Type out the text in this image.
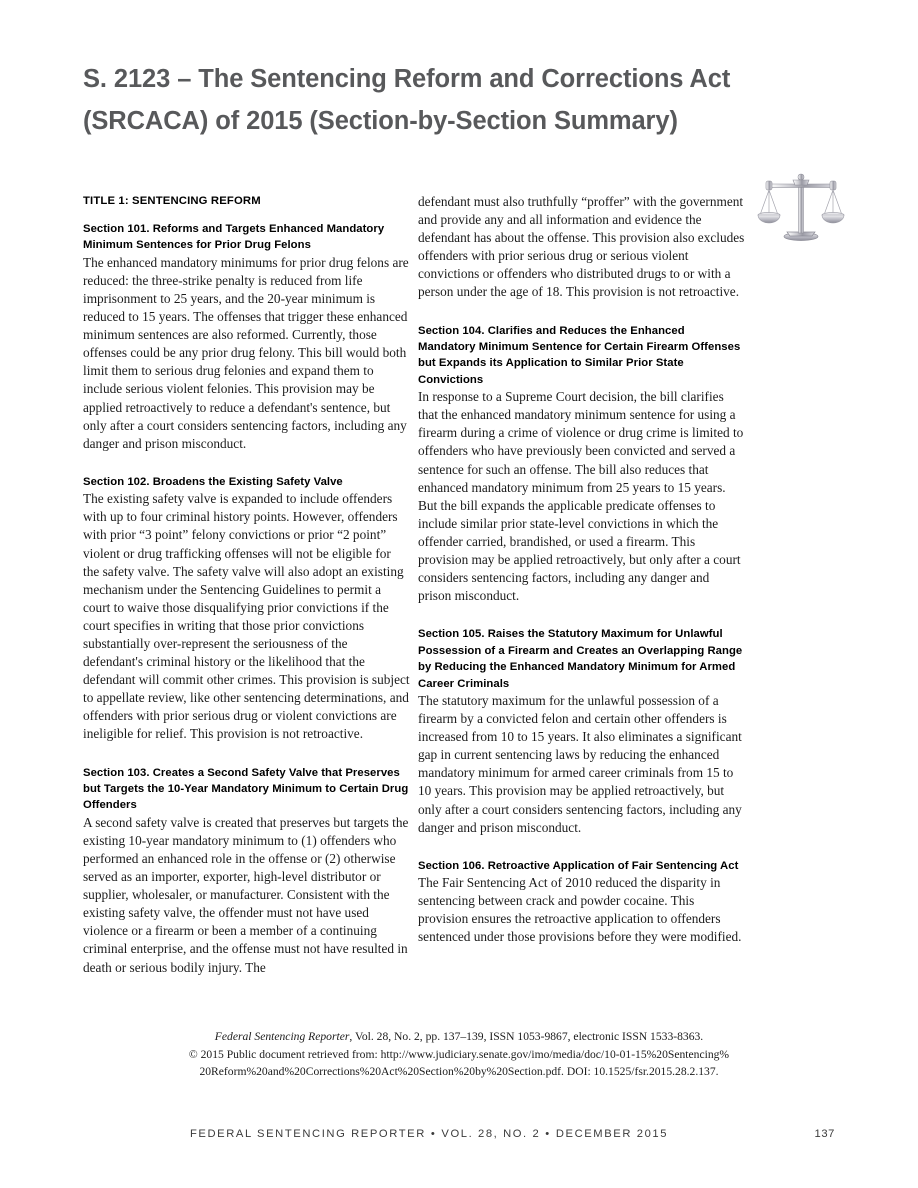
S. 2123 – The Sentencing Reform and Corrections Act
(SRCACA) of 2015 (Section-by-Section Summary)
TITLE 1: SENTENCING REFORM
Section 101. Reforms and Targets Enhanced Mandatory Minimum Sentences for Prior Drug Felons

The enhanced mandatory minimums for prior drug felons are reduced: the three-strike penalty is reduced from life imprisonment to 25 years, and the 20-year minimum is reduced to 15 years. The offenses that trigger these enhanced minimum sentences are also reformed. Currently, those offenses could be any prior drug felony. This bill would both limit them to serious drug felonies and expand them to include serious violent felonies. This provision may be applied retroactively to reduce a defendant's sentence, but only after a court considers sentencing factors, including any danger and prison misconduct.

Section 102. Broadens the Existing Safety Valve

The existing safety valve is expanded to include offenders with up to four criminal history points. However, offenders with prior “3 point” felony convictions or prior “2 point” violent or drug trafficking offenses will not be eligible for the safety valve. The safety valve will also adopt an existing mechanism under the Sentencing Guidelines to permit a court to waive those disqualifying prior convictions if the court specifies in writing that those prior convictions substantially over-represent the seriousness of the defendant's criminal history or the likelihood that the defendant will commit other crimes. This provision is subject to appellate review, like other sentencing determinations, and offenders with prior serious drug or violent convictions are ineligible for relief. This provision is not retroactive.

Section 103. Creates a Second Safety Valve that Preserves but Targets the 10-Year Mandatory Minimum to Certain Drug Offenders

A second safety valve is created that preserves but targets the existing 10-year mandatory minimum to (1) offenders who performed an enhanced role in the offense or (2) otherwise served as an importer, exporter, high-level distributor or supplier, wholesaler, or manufacturer. Consistent with the existing safety valve, the offender must not have used violence or a firearm or been a member of a continuing criminal enterprise, and the offense must not have resulted in death or serious bodily injury. The

defendant must also truthfully “proffer” with the government and provide any and all information and evidence the defendant has about the offense. This provision also excludes offenders with prior serious drug or serious violent convictions or offenders who distributed drugs to or with a person under the age of 18. This provision is not retroactive.

Section 104. Clarifies and Reduces the Enhanced Mandatory Minimum Sentence for Certain Firearm Offenses but Expands its Application to Similar Prior State Convictions

In response to a Supreme Court decision, the bill clarifies that the enhanced mandatory minimum sentence for using a firearm during a crime of violence or drug crime is limited to offenders who have previously been convicted and served a sentence for such an offense. The bill also reduces that enhanced mandatory minimum from 25 years to 15 years. But the bill expands the applicable predicate offenses to include similar prior state-level convictions in which the offender carried, brandished, or used a firearm. This provision may be applied retroactively, but only after a court considers sentencing factors, including any danger and prison misconduct.

Section 105. Raises the Statutory Maximum for Unlawful Possession of a Firearm and Creates an Overlapping Range by Reducing the Enhanced Mandatory Minimum for Armed Career Criminals

The statutory maximum for the unlawful possession of a firearm by a convicted felon and certain other offenders is increased from 10 to 15 years. It also eliminates a significant gap in current sentencing laws by reducing the enhanced mandatory minimum for armed career criminals from 15 to 10 years. This provision may be applied retroactively, but only after a court considers sentencing factors, including any danger and prison misconduct.

Section 106. Retroactive Application of Fair Sentencing Act

The Fair Sentencing Act of 2010 reduced the disparity in sentencing between crack and powder cocaine. This provision ensures the retroactive application to offenders sentenced under those provisions before they were modified.

Federal Sentencing Reporter, Vol. 28, No. 2, pp. 137–139, ISSN 1053-9867, electronic ISSN 1533-8363.
© 2015 Public document retrieved from: http://www.judiciary.senate.gov/imo/media/doc/10-01-15%20Sentencing%
20Reform%20and%20Corrections%20Act%20Section%20by%20Section.pdf. DOI: 10.1525/fsr.2015.28.2.137.
FEDERAL SENTENCING REPORTER • VOL. 28, NO. 2 • DECEMBER 2015	137
